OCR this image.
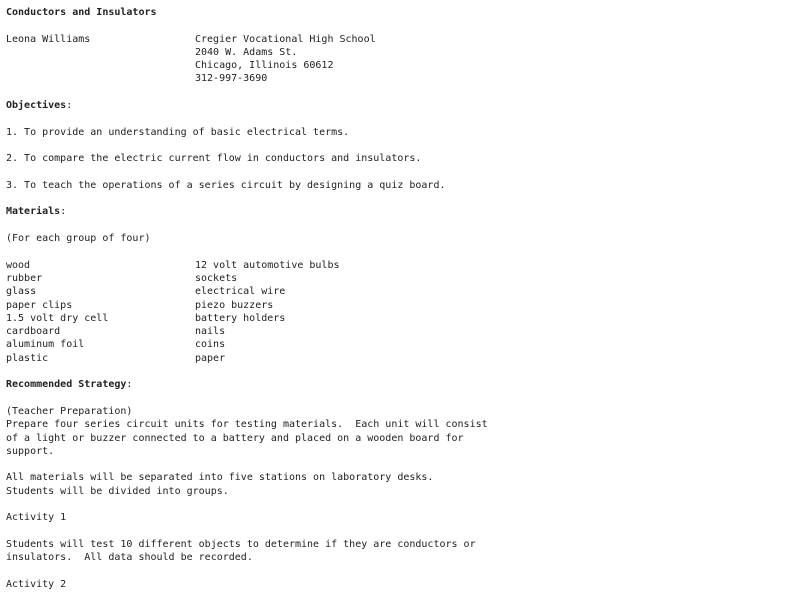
Conductors and Insulators
Leona Williams	Cregier Vocational High School
2040 W. Adams St.
Chicago, Illinois 60612
312-997-3690
Objectives:
1. To provide an understanding of basic electrical terms.
2. To compare the electric current flow in conductors and insulators.
3. To teach the operations of a series circuit by designing a quiz board.
Materials:
(For each group of four)
wood	12 volt automotive bulbs
rubber	sockets
glass	electrical wire
paper clips	piezo buzzers
1.5 volt dry cell	battery holders
cardboard	nails
aluminum foil	coins
plastic	paper
Recommended Strategy:
(Teacher Preparation)
Prepare four series circuit units for testing materials.  Each unit will consist
of a light or buzzer connected to a battery and placed on a wooden board for
support.
All materials will be separated into five stations on laboratory desks.
Students will be divided into groups.
Activity 1
Students will test 10 different objects to determine if they are conductors or
insulators.  All data should be recorded.
Activity 2
